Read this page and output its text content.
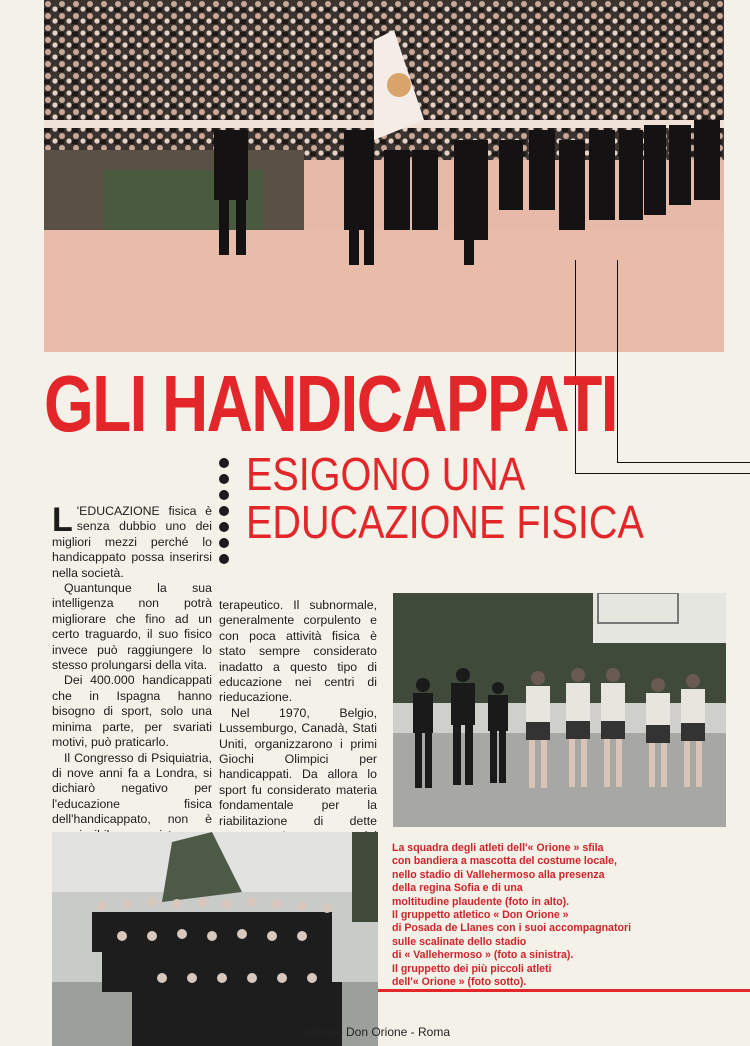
GLI HANDICAPPATI
ESIGONO UNA
EDUCAZIONE FISICA

L 'EDUCAZIONE fisica è senza dubbio uno dei migliori mezzi perché lo handicappato possa inserirsi nella società.

Quantunque la sua intelligenza non potrà migliorare che fino ad un certo traguardo, il suo fisico invece può raggiungere lo stesso prolungarsi della vita.

Dei 400.000 handicappati che in Ispagna hanno bisogno di sport, solo una minima parte, per svariati motivi, può praticarlo.

Il Congresso di Psiquiatria, di nove anni fa a Londra, si dichiarò negativo per l'educazione fisica dell'handicappato, non è

terapeutico. Il subnormale, generalmente corpulento e con poca attività fisica è stato sempre considerato inadatto a questo tipo di educazione nei centri di rieducazione.

Nel 1970, Belgio, Lussemburgo, Canadà, Stati Uniti, organizzarono i primi Giochi Olimpici per handicappati. Da allora lo sport fu considerato materia fondamentale per la riabilitazione di dette

La squadra degli atleti dell'« Orione » sfila
con bandiera a mascotta del costume locale,
nello stadio di Vallehermoso alla presenza
della regina Sofia e di una
moltitudine plaudente (foto in alto).
Il gruppetto atletico « Don Orione »
di Posada de Llanes con i suoi accompagnatori
sulle scalinate dello stadio
di « Vallehermoso » (foto a sinistra).
Il gruppetto dei più piccoli atleti
dell'« Orione » (foto sotto).
Archivio Don Orione - Roma
